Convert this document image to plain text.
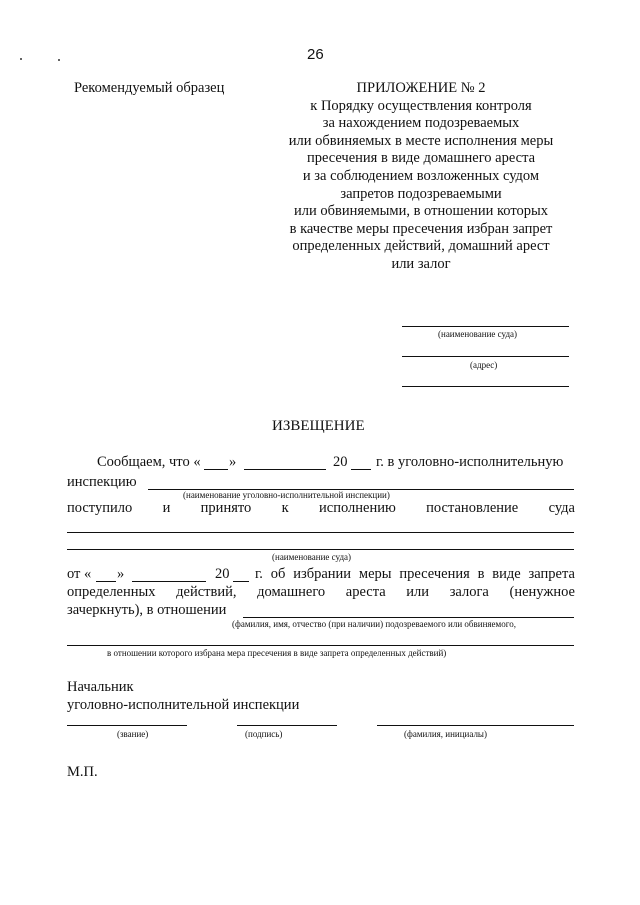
26
Рекомендуемый образец	ПРИЛОЖЕНИЕ № 2
к Порядку осуществления контроля
за нахождением подозреваемых
или обвиняемых в месте исполнения меры
пресечения в виде домашнего ареста
и за соблюдением возложенных судом
запретов подозреваемыми
или обвиняемыми, в отношении которых
в качестве меры пресечения избран запрет
определенных действий, домашний арест
или залог
(наименование суда)
(адрес)
ИЗВЕЩЕНИЕ
Сообщаем, что « »	20 г. в уголовно-исполнительную
инспекцию
(наименование уголовно-исполнительной инспекции)
поступило и принято к исполнению постановление суда
(наименование суда)
от « »	20 г. об избрании меры пресечения в виде запрета
определенных действий, домашнего ареста или залога (ненужное
зачеркнуть), в отношении
(фамилия, имя, отчество (при наличии) подозреваемого или обвиняемого,
в отношении которого избрана мера пресечения в виде запрета определенных действий)
Начальник
уголовно-исполнительной инспекции
(звание)	(подпись)	(фамилия, инициалы)
М.П.
